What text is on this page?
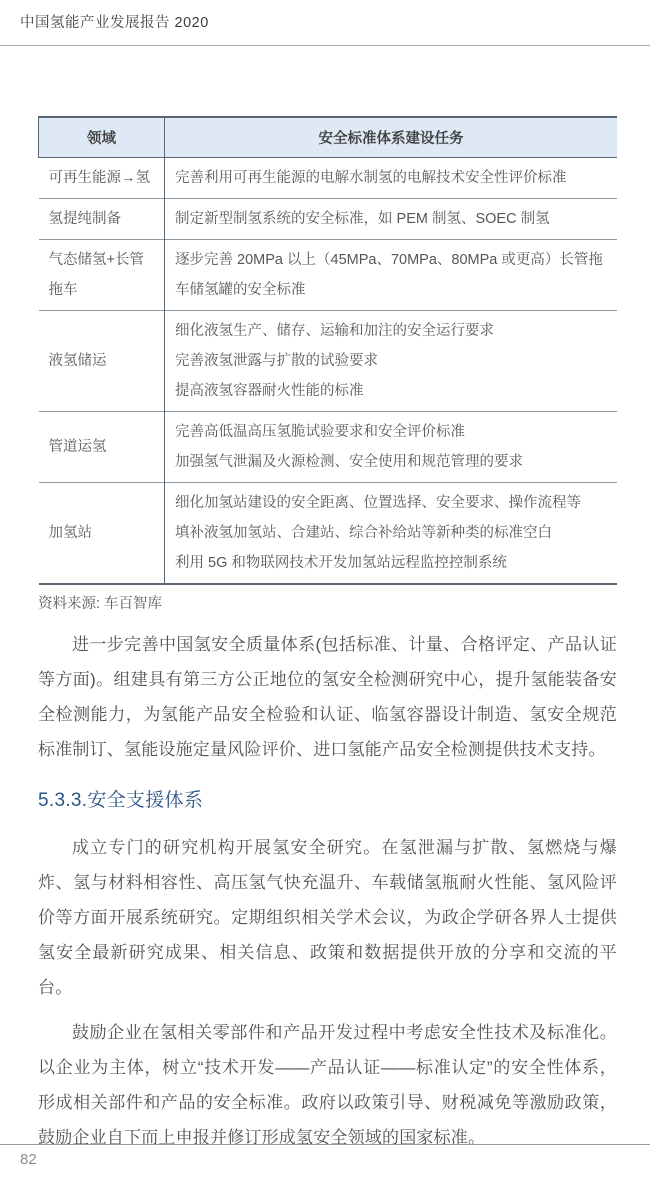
中国氢能产业发展报告 2020
领域	安全标准体系建设任务
可再生能源→氢	完善利用可再生能源的电解水制氢的电解技术安全性评价标准

氢提纯制备	制定新型制氢系统的安全标准，如 PEM 制氢、SOEC 制氢

气态储氢+长管拖车	逐步完善 20MPa 以上（45MPa、70MPa、80MPa 或更高）长管拖车储氢罐的安全标准

液氢储运	细化液氢生产、储存、运输和加注的安全运行要求
完善液氢泄露与扩散的试验要求
提高液氢容器耐火性能的标准

管道运氢	完善高低温高压氢脆试验要求和安全评价标准
加强氢气泄漏及火源检测、安全使用和规范管理的要求

加氢站	细化加氢站建设的安全距离、位置选择、安全要求、操作流程等
填补液氢加氢站、合建站、综合补给站等新种类的标准空白
利用 5G 和物联网技术开发加氢站远程监控控制系统
资料来源: 车百智库

进一步完善中国氢安全质量体系(包括标准、计量、合格评定、产品认证等方面)。组建具有第三方公正地位的氢安全检测研究中心，提升氢能装备安全检测能力，为氢能产品安全检验和认证、临氢容器设计制造、氢安全规范标准制订、氢能设施定量风险评价、进口氢能产品安全检测提供技术支持。

5.3.3.安全支援体系

成立专门的研究机构开展氢安全研究。在氢泄漏与扩散、氢燃烧与爆炸、氢与材料相容性、高压氢气快充温升、车载储氢瓶耐火性能、氢风险评价等方面开展系统研究。定期组织相关学术会议，为政企学研各界人士提供氢安全最新研究成果、相关信息、政策和数据提供开放的分享和交流的平台。

鼓励企业在氢相关零部件和产品开发过程中考虑安全性技术及标准化。以企业为主体，树立“技术开发——产品认证——标准认定”的安全性体系，形成相关部件和产品的安全标准。政府以政策引导、财税减免等激励政策，鼓励企业自下而上申报并修订形成氢安全领域的国家标准。

82
